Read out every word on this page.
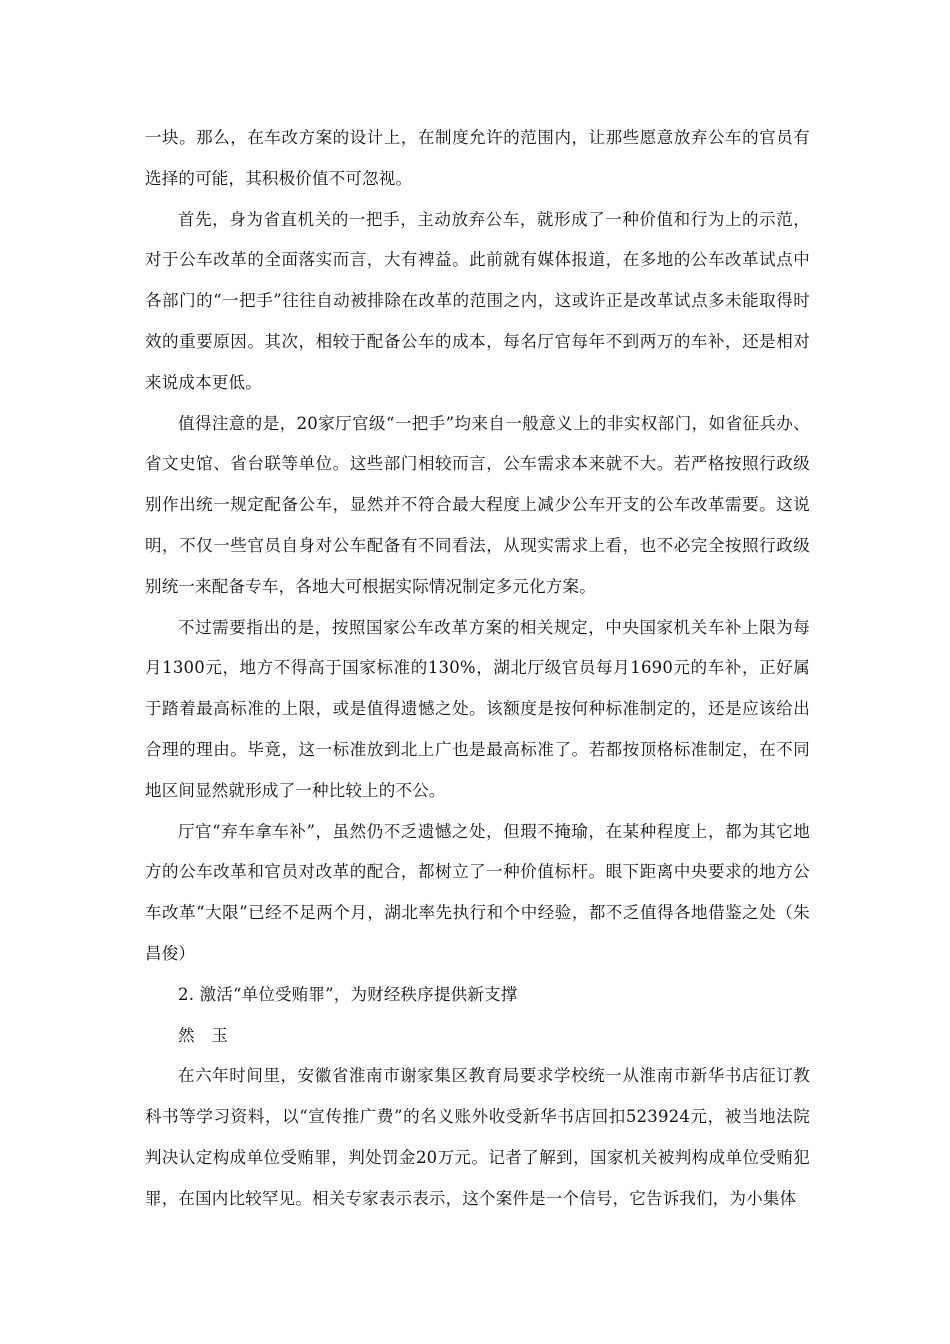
一块。那么，在车改方案的设计上，在制度允许的范围内，让那些愿意放弃公车的官员有选择的可能，其积极价值不可忽视。

首先，身为省直机关的一把手，主动放弃公车，就形成了一种价值和行为上的示范，对于公车改革的全面落实而言，大有裨益。此前就有媒体报道，在多地的公车改革试点中各部门的“一把手”往往自动被排除在改革的范围之内，这或许正是改革试点多未能取得时效的重要原因。其次，相较于配备公车的成本，每名厅官每年不到两万的车补，还是相对来说成本更低。

值得注意的是，20家厅官级“一把手”均来自一般意义上的非实权部门，如省征兵办、省文史馆、省台联等单位。这些部门相较而言，公车需求本来就不大。若严格按照行政级别作出统一规定配备公车，显然并不符合最大程度上减少公车开支的公车改革需要。这说明，不仅一些官员自身对公车配备有不同看法，从现实需求上看，也不必完全按照行政级别统一来配备专车，各地大可根据实际情况制定多元化方案。

不过需要指出的是，按照国家公车改革方案的相关规定，中央国家机关车补上限为每月1300元，地方不得高于国家标准的130%，湖北厅级官员每月1690元的车补，正好属于踏着最高标准的上限，或是值得遗憾之处。该额度是按何种标准制定的，还是应该给出合理的理由。毕竟，这一标准放到北上广也是最高标准了。若都按顶格标准制定，在不同地区间显然就形成了一种比较上的不公。

厅官“弃车拿车补”，虽然仍不乏遗憾之处，但瑕不掩瑜，在某种程度上，都为其它地方的公车改革和官员对改革的配合，都树立了一种价值标杆。眼下距离中央要求的地方公车改革“大限”已经不足两个月，湖北率先执行和个中经验，都不乏值得各地借鉴之处（朱昌俊）

2. 激活“单位受贿罪”，为财经秩序提供新支撑

然　玉

在六年时间里，安徽省淮南市谢家集区教育局要求学校统一从淮南市新华书店征订教科书等学习资料，以“宣传推广费”的名义账外收受新华书店回扣523924元，被当地法院判决认定构成单位受贿罪，判处罚金20万元。记者了解到，国家机关被判构成单位受贿犯罪，在国内比较罕见。相关专家表示表示，这个案件是一个信号，它告诉我们，为小集体
